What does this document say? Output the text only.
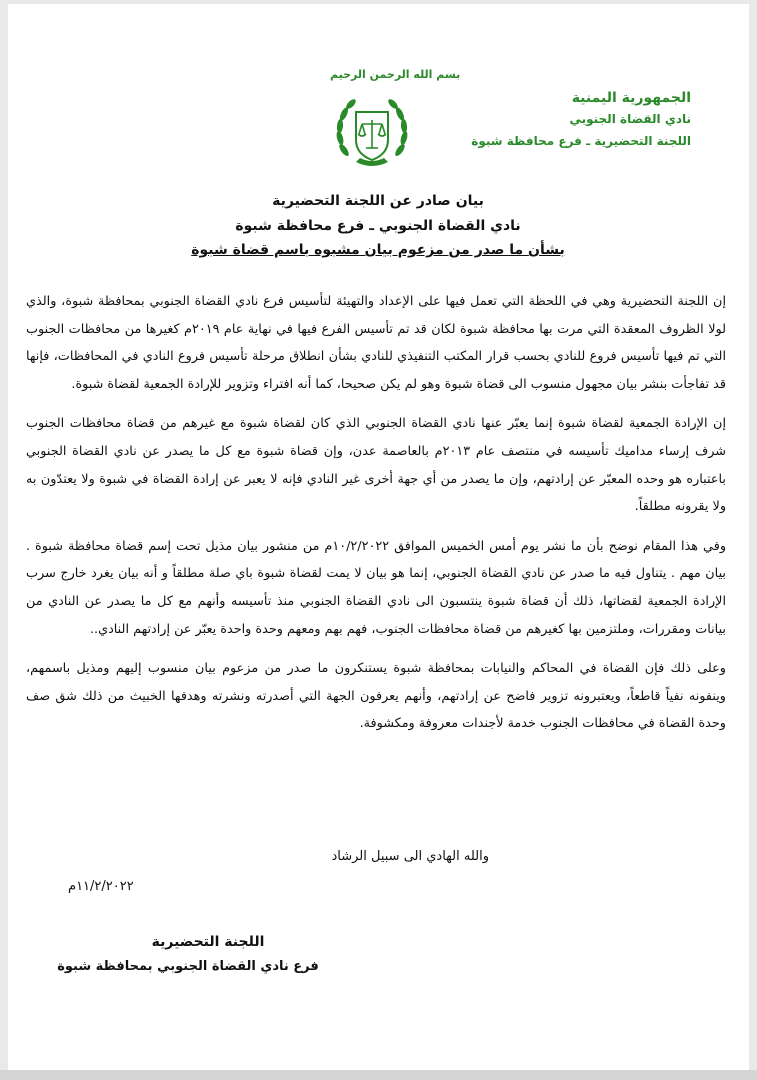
الجمهورية اليمنية
نادي القضاة الجنوبي
اللجنة التحضيرية ـ فرع محافظة شبوة
بسم الله الرحمن الرحيم
بيان صادر عن اللجنة التحضيرية
نادي القضاة الجنوبي ـ فرع محافظة شبوة
بشأن ما صدر من مزعوم بيان مشبوه باسم قضاة شبوة

إن اللجنة التحضيرية وهي في اللحظة التي تعمل فيها على الإعداد والتهيئة لتأسيس فرع نادي القضاة الجنوبي بمحافظة شبوة، والذي لولا الظروف المعقدة التي مرت بها محافظة شبوة لكان قد تم تأسيس الفرع فيها في نهاية عام ٢٠١٩م كغيرها من محافظات الجنوب التي تم فيها تأسيس فروع للنادي بحسب قرار المكتب التنفيذي للنادي بشأن انطلاق مرحلة تأسيس فروع النادي في المحافظات، فإنها قد تفاجأت بنشر بيان مجهول منسوب الى قضاة شبوة وهو لم يكن صحيحا، كما أنه افتراء وتزوير للإرادة الجمعية لقضاة شبوة.

إن الإرادة الجمعية لقضاة شبوة إنما يعبّر عنها نادي القضاة الجنوبي الذي كان لقضاة شبوة مع غيرهم من قضاة محافظات الجنوب شرف إرساء مداميك تأسيسه في منتصف عام ٢٠١٣م بالعاصمة عدن، وإن قضاة شبوة مع كل ما يصدر عن نادي القضاة الجنوبي باعتباره هو وحده المعبّر عن إرادتهم، وإن ما يصدر من أي جهة أخرى غير النادي فإنه لا يعبر عن إرادة القضاة في شبوة ولا يعتدّون به ولا يقرونه مطلقاً.

وفي هذا المقام نوضح بأن ما نشر يوم أمس الخميس الموافق ١٠/٢/٢٠٢٢م من منشور بيان مذيل تحت إسم قضاة محافظة شبوة . بيان مهم . يتناول فيه ما صدر عن نادي القضاة الجنوبي، إنما هو بيان لا يمت لقضاة شبوة باي صلة مطلقاً و أنه بيان يغرد خارج سرب الإرادة الجمعية لقضاتها، ذلك أن قضاة شبوة ينتسبون الى نادي القضاة الجنوبي منذ تأسيسه وأنهم مع كل ما يصدر عن النادي من بيانات ومقررات، وملتزمين بها كغيرهم من قضاة محافظات الجنوب، فهم بهم ومعهم وحدة واحدة يعبّر عن إرادتهم النادي..

وعلى ذلك فإن القضاة في المحاكم والنيابات بمحافظة شبوة يستنكرون ما صدر من مزعوم بيان منسوب إليهم ومذيل باسمهم، وينفونه نفياً قاطعاً، ويعتبرونه تزوير فاضح عن إرادتهم، وأنهم يعرفون الجهة التي أصدرته ونشرته وهدفها الخبيث من ذلك شق صف وحدة القضاة في محافظات الجنوب خدمة لأجندات معروفة ومكشوفة.

والله الهادي الى سبيل الرشاد
١١/٢/٢٠٢٢م
اللجنة التحضيرية
فرع نادي القضاة الجنوبي بمحافظة شبوة
